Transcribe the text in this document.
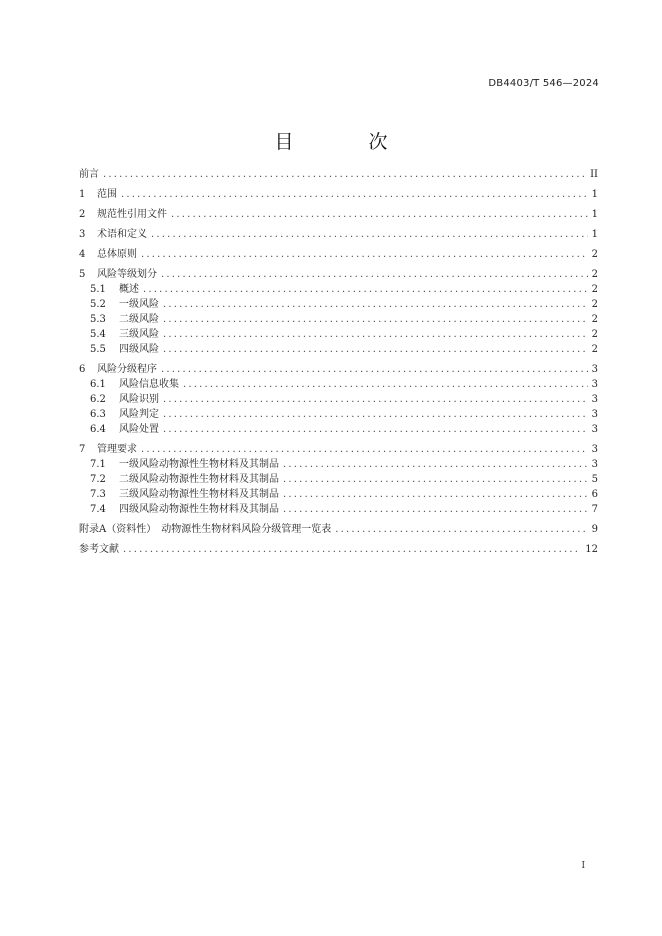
DB4403/T 546—2024
目　次
前言 .....	II
1	范围 .....	1
2	规范性引用文件 .....	1
3	术语和定义 .....	1
4	总体原则 .....	2
5	风险等级划分 .....	2
5.1	概述 .....	2
5.2	一级风险 .....	2
5.3	二级风险 .....	2
5.4	三级风险 .....	2
5.5	四级风险 .....	2
6	风险分级程序 .....	3
6.1	风险信息收集 .....	3
6.2	风险识别 .....	3
6.3	风险判定 .....	3
6.4	风险处置 .....	3
7	管理要求 .....	3
7.1	一级风险动物源性生物材料及其制品 .....	3
7.2	二级风险动物源性生物材料及其制品 .....	5
7.3	三级风险动物源性生物材料及其制品 .....	6
7.4	四级风险动物源性生物材料及其制品 .....	7
附录A（资料性）　动物源性生物材料风险分级管理一览表 .....	9
参考文献 .....	12
I
